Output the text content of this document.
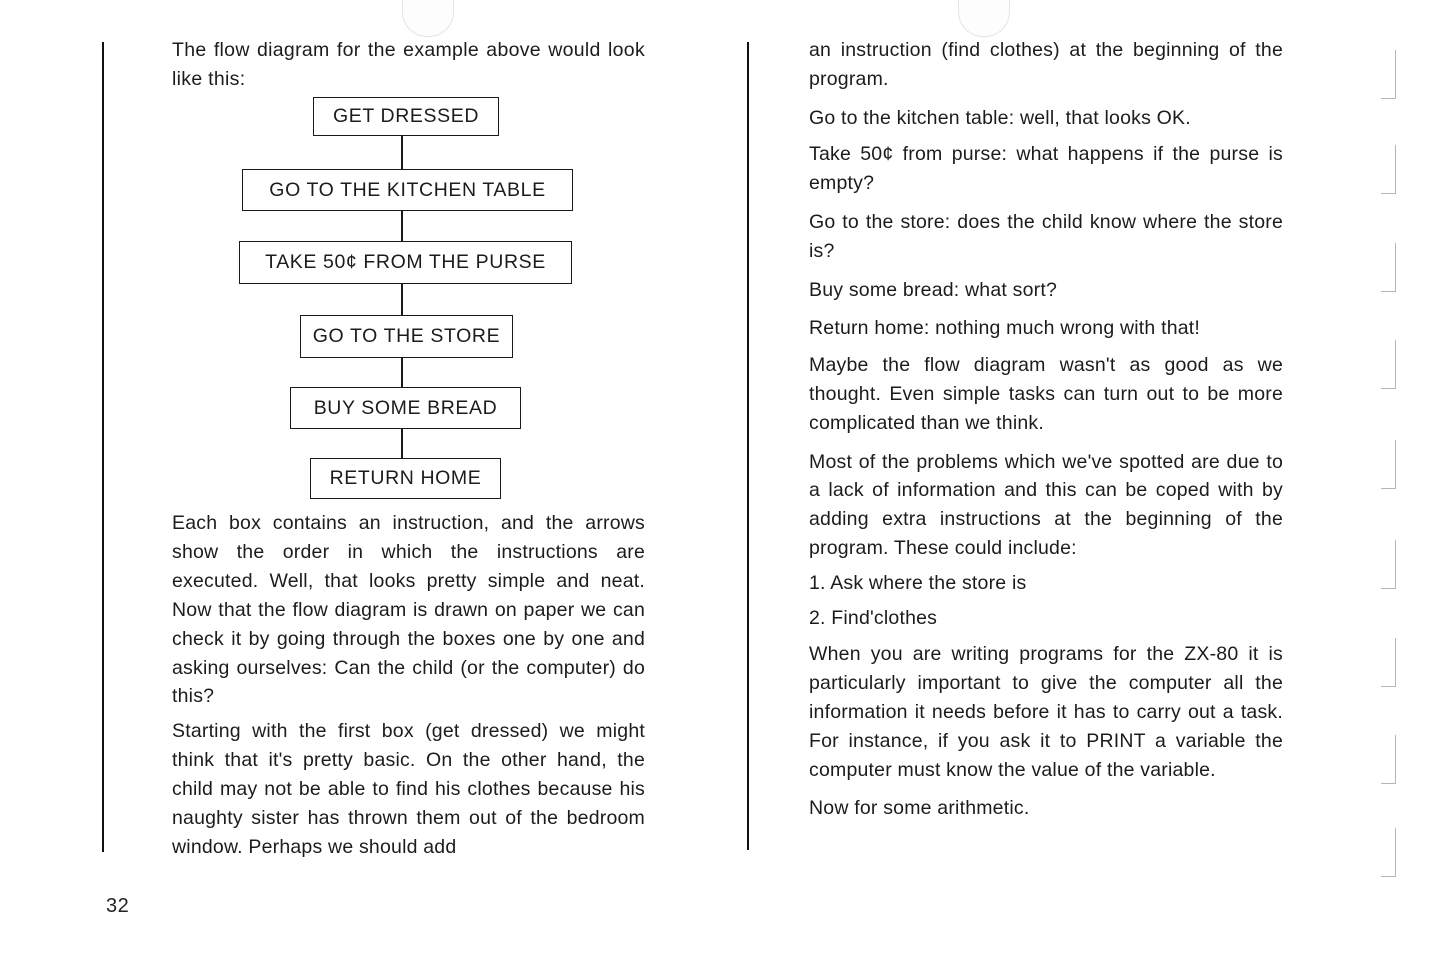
The flow diagram for the example above would look like this:

GET DRESSED
GO TO THE KITCHEN TABLE
TAKE 50¢ FROM THE PURSE
GO TO THE STORE
BUY SOME BREAD
RETURN HOME

Each box contains an instruction, and the arrows show the order in which the instructions are executed. Well, that looks pretty simple and neat. Now that the flow diagram is drawn on paper we can check it by going through the boxes one by one and asking ourselves: Can the child (or the computer) do this?

Starting with the first box (get dressed) we might think that it's pretty basic. On the other hand, the child may not be able to find his clothes because his naughty sister has thrown them out of the bedroom window. Perhaps we should add

32

an instruction (find clothes) at the beginning of the program.

Go to the kitchen table: well, that looks OK.

Take 50¢ from purse: what happens if the purse is empty?

Go to the store: does the child know where the store is?

Buy some bread: what sort?

Return home: nothing much wrong with that!

Maybe the flow diagram wasn't as good as we thought. Even simple tasks can turn out to be more complicated than we think.

Most of the problems which we've spotted are due to a lack of information and this can be coped with by adding extra instructions at the beginning of the program. These could include:

1. Ask where the store is

2. Find'clothes

When you are writing programs for the ZX-80 it is particularly important to give the computer all the information it needs before it has to carry out a task. For instance, if you ask it to PRINT a variable the computer must know the value of the variable.

Now for some arithmetic.
